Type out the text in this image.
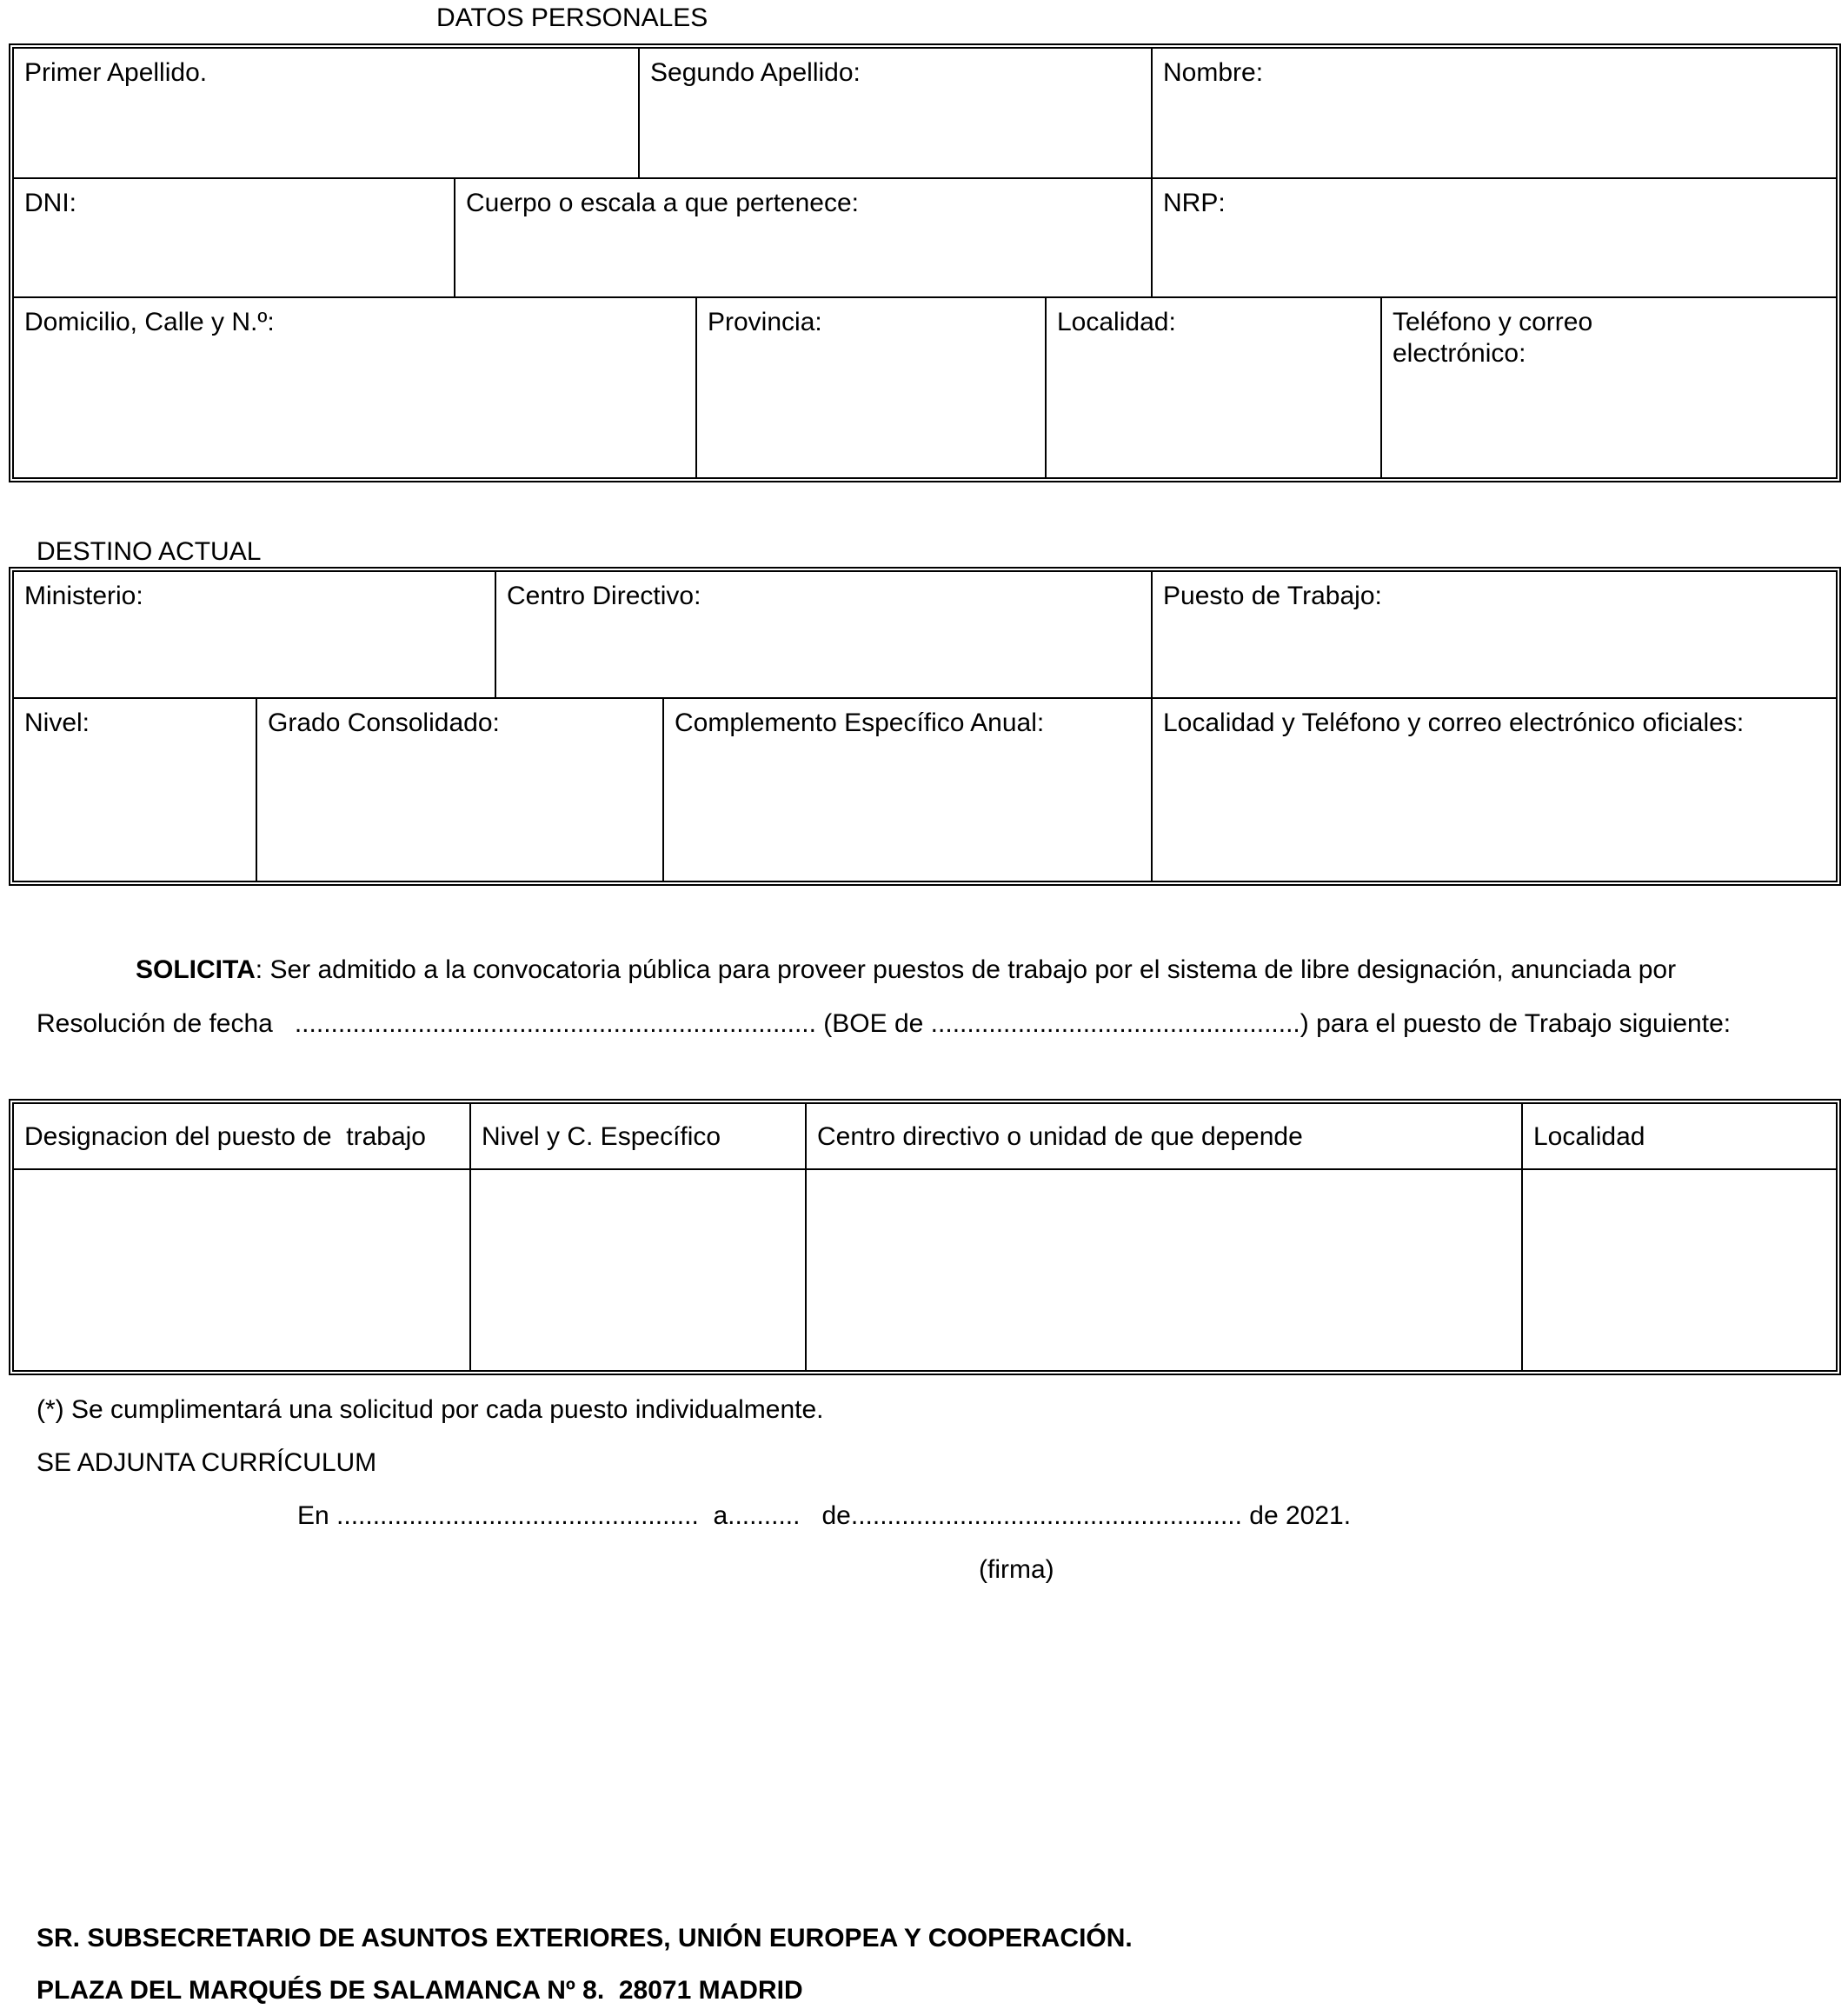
DATOS PERSONALES
Primer Apellido.	Segundo Apellido:	Nombre:
DNI:	Cuerpo o escala a que pertenece:	NRP:
Domicilio, Calle y N.º:	Provincia:	Localidad:	Teléfono y correo electrónico:
DESTINO ACTUAL
Ministerio:	Centro Directivo:	Puesto de Trabajo:
Nivel:	Grado Consolidado:	Complemento Específico Anual:	Localidad y Teléfono y correo electrónico oficiales:
SOLICITA: Ser admitido a la convocatoria pública para proveer puestos de trabajo por el sistema de libre designación, anunciada por
Resolución de fecha   ........................................................................ (BOE de ...................................................) para el puesto de Trabajo siguiente:
Designacion del puesto de  trabajo	Nivel y C. Específico	Centro directivo o unidad de que depende	Localidad
(*) Se cumplimentará una solicitud por cada puesto individualmente.
SE ADJUNTA CURRÍCULUM
En ..................................................  a..........   de...................................................... de 2021.
(firma)
SR. SUBSECRETARIO DE ASUNTOS EXTERIORES, UNIÓN EUROPEA Y COOPERACIÓN.
PLAZA DEL MARQUÉS DE SALAMANCA Nº 8.  28071 MADRID
